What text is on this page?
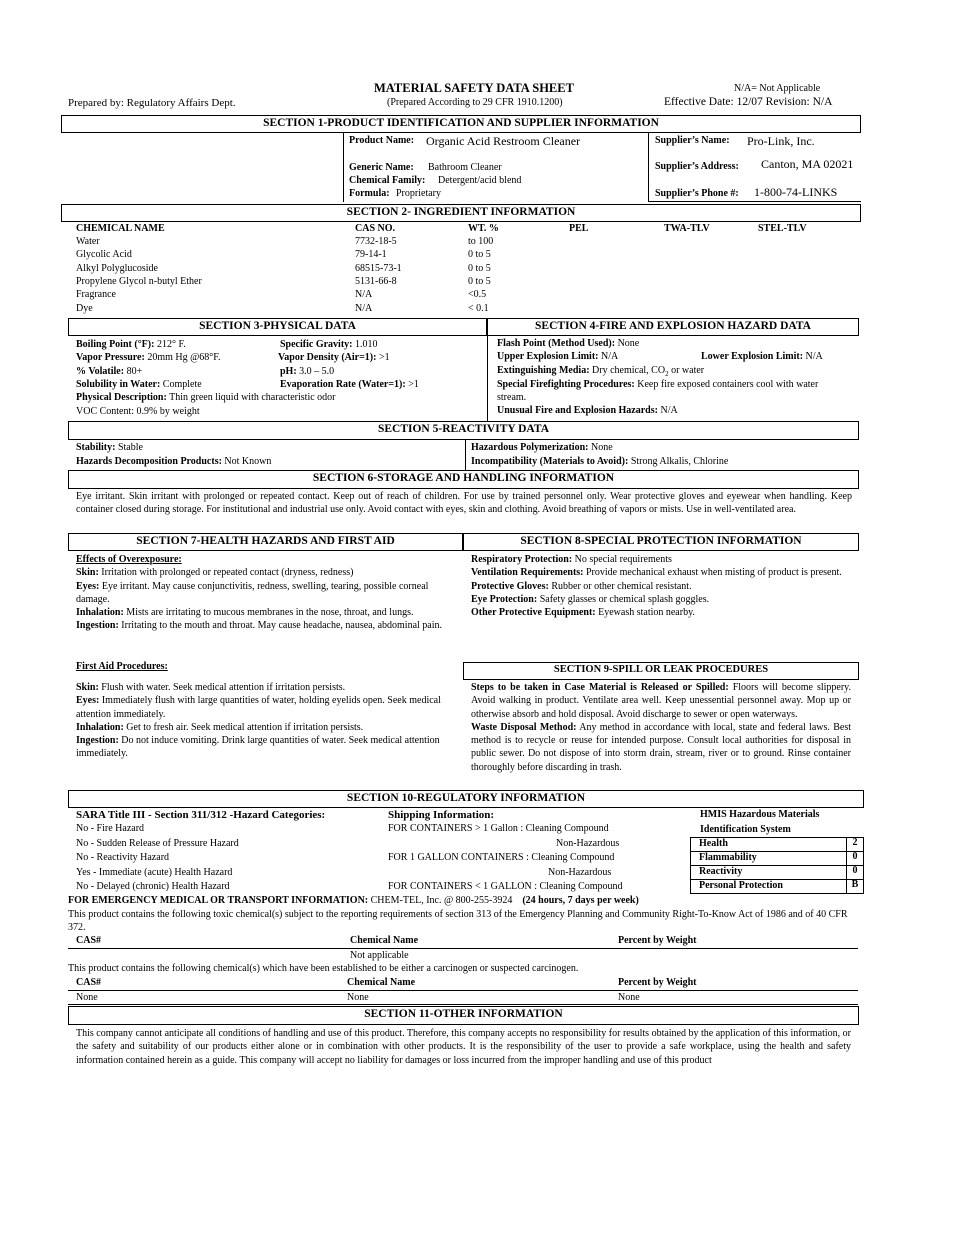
MATERIAL SAFETY DATA SHEET	N/A= Not Applicable
Prepared by: Regulatory Affairs Dept.	(Prepared According to 29 CFR 1910.1200)	Effective Date: 12/07 Revision: N/A
SECTION 1-PRODUCT IDENTIFICATION AND SUPPLIER INFORMATION
Product Name: Organic Acid Restroom Cleaner
Generic Name: Bathroom Cleaner
Chemical Family: Detergent/acid blend
Formula: Proprietary
Supplier’s Name: Pro-Link, Inc.
Supplier’s Address: Canton, MA 02021
Supplier’s Phone #: 1-800-74-LINKS
SECTION 2- INGREDIENT INFORMATION
CHEMICAL NAME	CAS NO.	WT. %	PEL	TWA-TLV	STEL-TLV
Water	7732-18-5	to 100
Glycolic Acid	79-14-1	0 to 5
Alkyl Polyglucoside	68515-73-1	0 to 5
Propylene Glycol n-butyl Ether	5131-66-8	0 to 5
Fragrance	N/A	<0.5
Dye	N/A	< 0.1
SECTION 3-PHYSICAL DATA	SECTION 4-FIRE AND EXPLOSION HAZARD DATA
Boiling Point (°F): 212° F.	Specific Gravity: 1.010
Vapor Pressure: 20mm Hg @68°F.	Vapor Density (Air=1): >1
% Volatile: 80+	pH: 3.0 – 5.0
Solubility in Water: Complete	Evaporation Rate (Water=1): >1
Physical Description: Thin green liquid with characteristic odor
VOC Content: 0.9% by weight
Flash Point (Method Used): None
Upper Explosion Limit: N/A	Lower Explosion Limit: N/A
Extinguishing Media: Dry chemical, $CO_2$ or water
Special Firefighting Procedures: Keep fire exposed containers cool with water stream.
Unusual Fire and Explosion Hazards: N/A
SECTION 5-REACTIVITY DATA
Stability: Stable
Hazards Decomposition Products: Not Known
Hazardous Polymerization: None
Incompatibility (Materials to Avoid): Strong Alkalis, Chlorine
SECTION 6-STORAGE AND HANDLING INFORMATION
Eye irritant. Skin irritant with prolonged or repeated contact. Keep out of reach of children. For use by trained personnel only. Wear protective gloves and eyewear when handling. Keep container closed during storage. For institutional and industrial use only. Avoid contact with eyes, skin and clothing. Avoid breathing of vapors or mists. Use in well-ventilated area.
SECTION 7-HEALTH HAZARDS AND FIRST AID	SECTION 8-SPECIAL PROTECTION INFORMATION
Effects of Overexposure:
Skin: Irritation with prolonged or repeated contact (dryness, redness)
Eyes: Eye irritant. May cause conjunctivitis, redness, swelling, tearing, possible corneal damage.
Inhalation: Mists are irritating to mucous membranes in the nose, throat, and lungs.
Ingestion: Irritating to the mouth and throat. May cause headache, nausea, abdominal pain.
First Aid Procedures:
Skin: Flush with water. Seek medical attention if irritation persists.
Eyes: Immediately flush with large quantities of water, holding eyelids open. Seek medical attention immediately.
Inhalation: Get to fresh air. Seek medical attention if irritation persists.
Ingestion: Do not induce vomiting. Drink large quantities of water. Seek medical attention immediately.
Respiratory Protection: No special requirements
Ventilation Requirements: Provide mechanical exhaust when misting of product is present.
Protective Gloves: Rubber or other chemical resistant.
Eye Protection: Safety glasses or chemical splash goggles.
Other Protective Equipment: Eyewash station nearby.
SECTION 9-SPILL OR LEAK PROCEDURES
Steps to be taken in Case Material is Released or Spilled: Floors will become slippery. Avoid walking in product. Ventilate area well. Keep unessential personnel away. Mop up or otherwise absorb and hold disposal. Avoid discharge to sewer or open waterways.
Waste Disposal Method: Any method in accordance with local, state and federal laws. Best method is to recycle or reuse for intended purpose. Consult local authorities for disposal in public sewer. Do not dispose of into storm drain, stream, river or to ground. Rinse container thoroughly before discarding in trash.
SECTION 10-REGULATORY INFORMATION
SARA Title III - Section 311/312 -Hazard Categories:
No - Fire Hazard
No - Sudden Release of Pressure Hazard
No - Reactivity Hazard
Yes - Immediate (acute) Health Hazard
No - Delayed (chronic) Health Hazard
Shipping Information:
FOR CONTAINERS > 1 Gallon : Cleaning Compound
Non-Hazardous
FOR 1 GALLON CONTAINERS : Cleaning Compound
Non-Hazardous
FOR CONTAINERS < 1 GALLON : Cleaning Compound
HMIS Hazardous Materials
Identification System
Health	2
Flammability	0
Reactivity	0
Personal Protection	B
FOR EMERGENCY MEDICAL OR TRANSPORT INFORMATION: CHEM-TEL, Inc. @ 800-255-3924 (24 hours, 7 days per week)
This product contains the following toxic chemical(s) subject to the reporting requirements of section 313 of the Emergency Planning and Community Right-To-Know Act of 1986 and of 40 CFR 372.
CAS#	Chemical Name	Percent by Weight
Not applicable
This product contains the following chemical(s) which have been established to be either a carcinogen or suspected carcinogen.
CAS#	Chemical Name	Percent by Weight
None	None	None
SECTION 11-OTHER INFORMATION
This company cannot anticipate all conditions of handling and use of this product. Therefore, this company accepts no responsibility for results obtained by the application of this information, or the safety and suitability of our products either alone or in combination with other products. It is the responsibility of the user to provide a safe workplace, using the health and safety information contained herein as a guide. This company will accept no liability for damages or loss incurred from the improper handling and use of this product
